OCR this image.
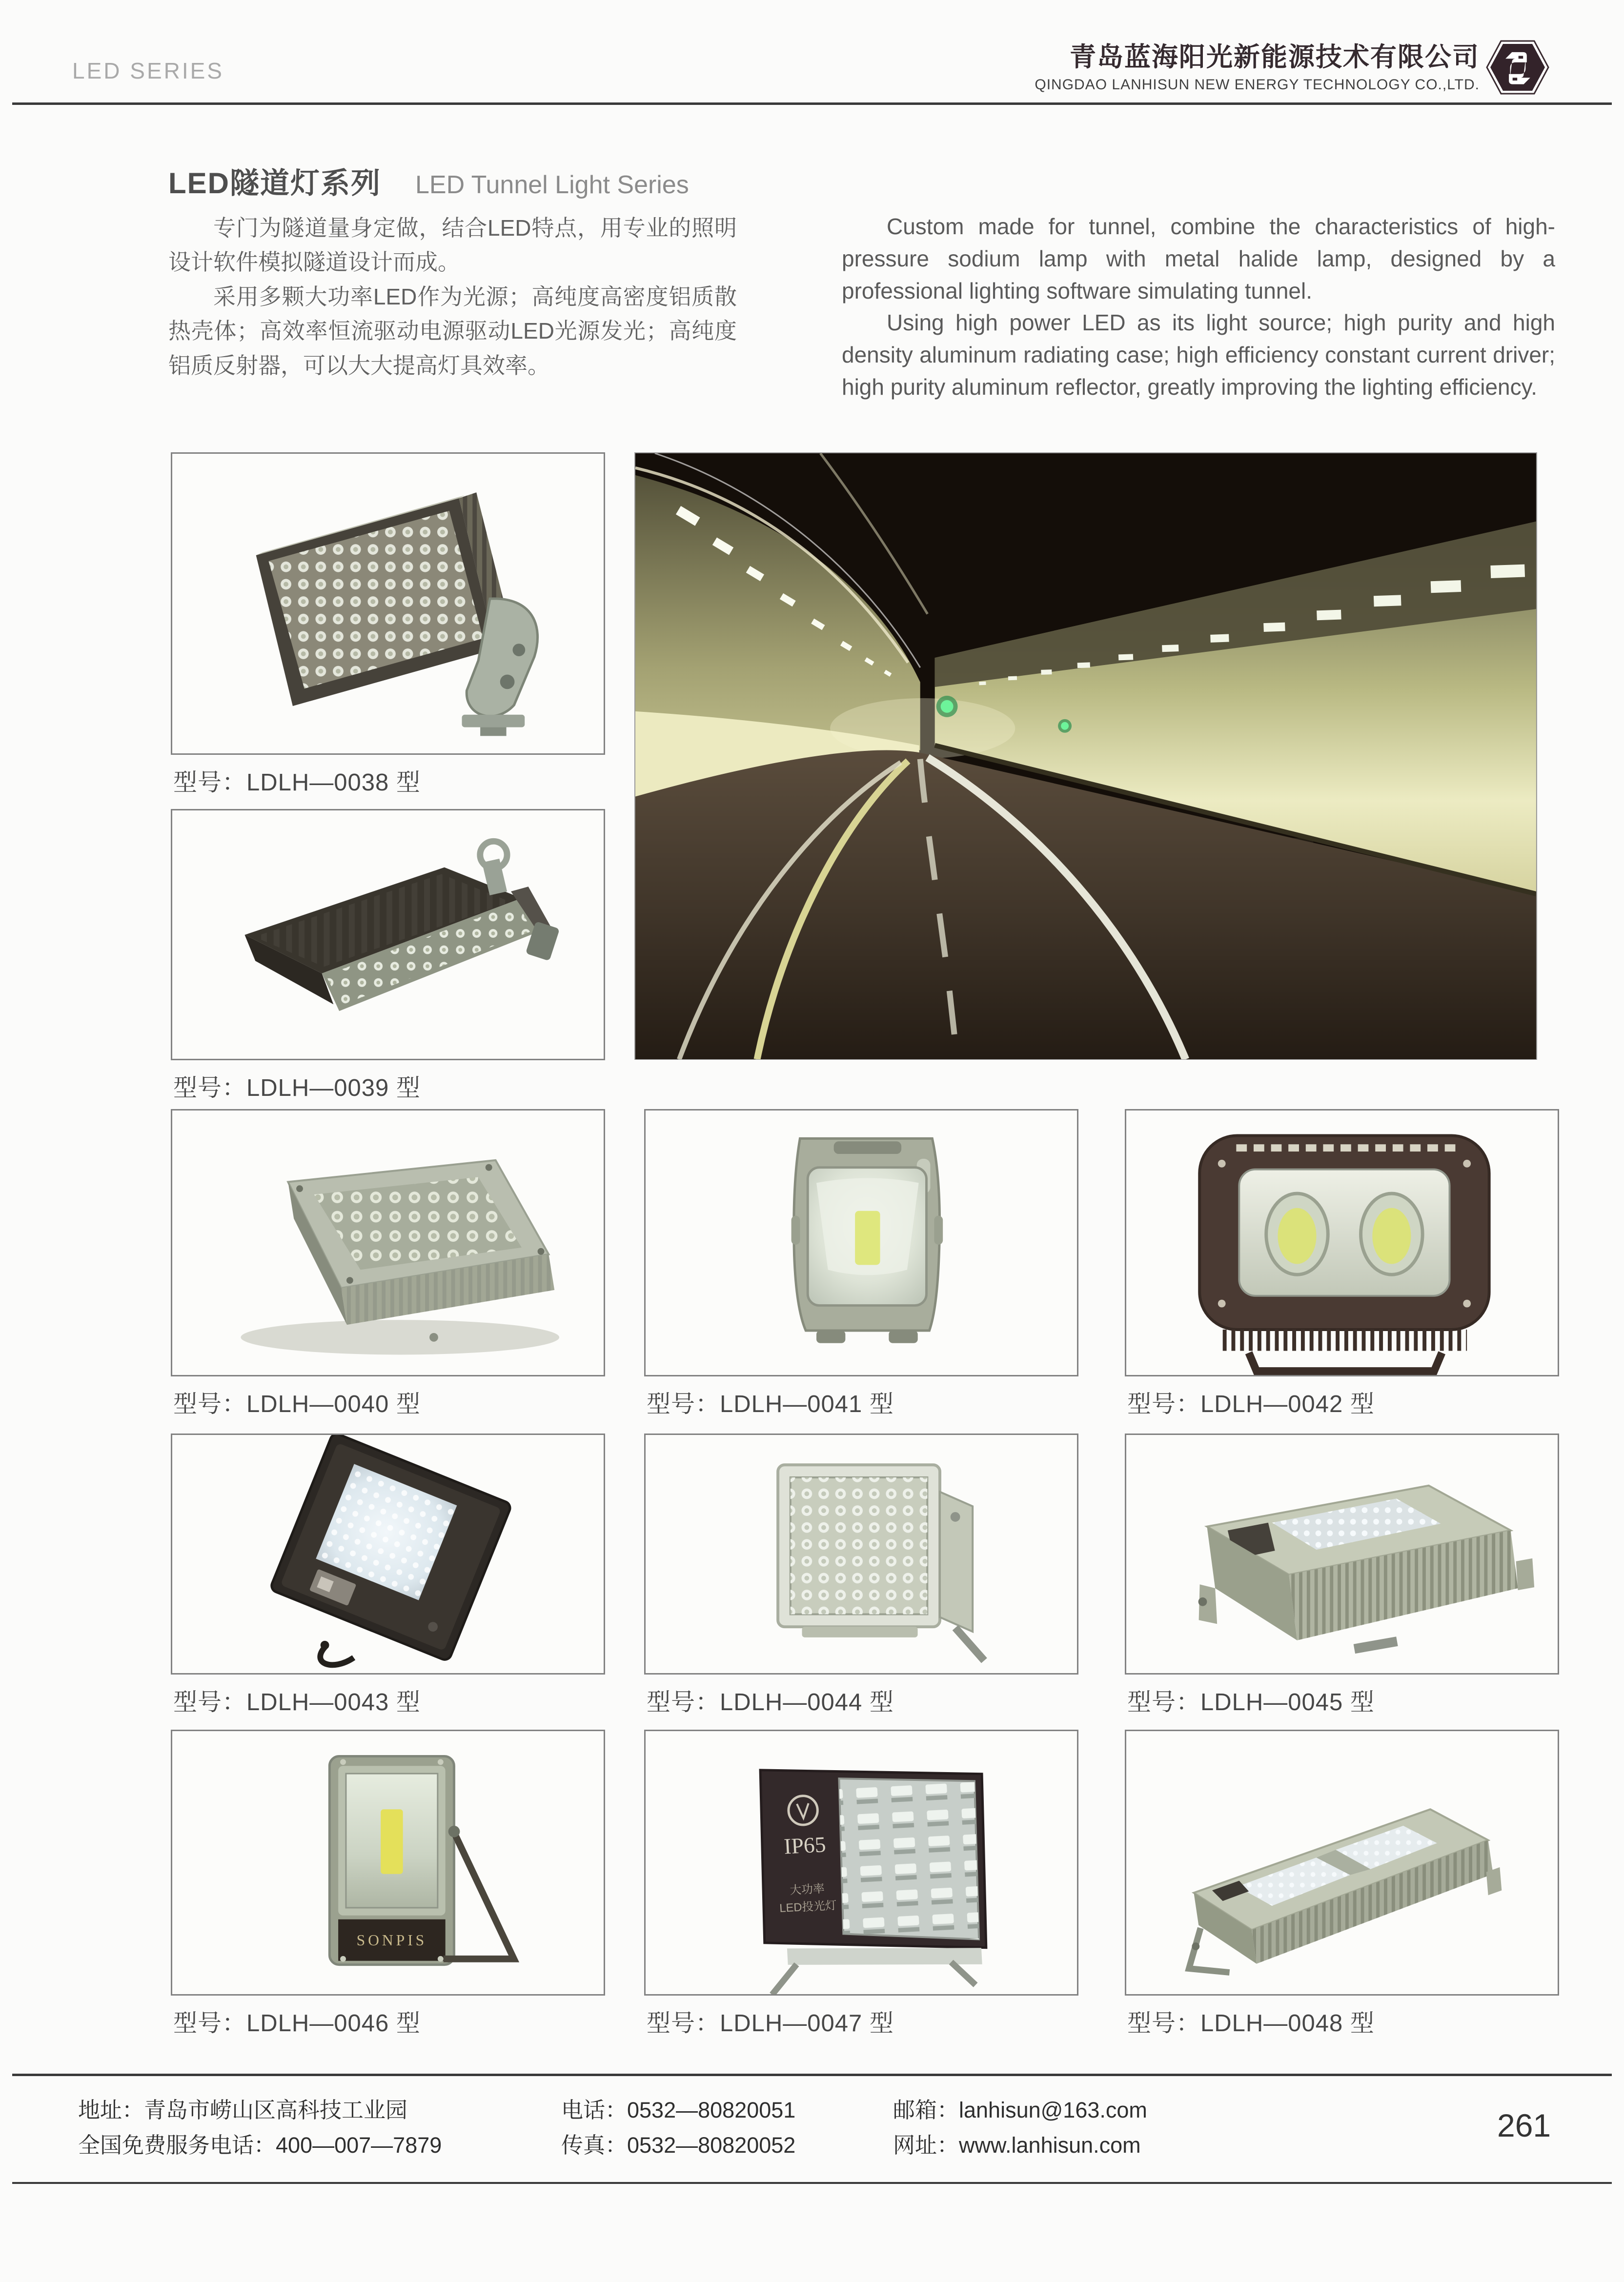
LED SERIES	青岛蓝海阳光新能源技术有限公司
QINGDAO LANHISUN NEW ENERGY TECHNOLOGY CO.,LTD.
LED隧道灯系列 LED Tunnel Light Series

专门为隧道量身定做，结合LED特点，用专业的照明设计软件模拟隧道设计而成。

采用多颗大功率LED作为光源；高纯度高密度铝质散热壳体；高效率恒流驱动电源驱动LED光源发光；高纯度铝质反射器，可以大大提高灯具效率。

Custom made for tunnel, combine the characteristics of high-pressure sodium lamp with metal halide lamp, designed by a professional lighting software simulating tunnel.

Using high power LED as its light source; high purity and high density aluminum radiating case; high efficiency constant current driver; high purity aluminum reflector, greatly improving the lighting efficiency.

型号：LDLH—0038 型
型号：LDLH—0039 型
型号：LDLH—0040 型	型号：LDLH—0041 型	型号：LDLH—0042 型
型号：LDLH—0043 型	型号：LDLH—0044 型	型号：LDLH—0045 型
SONPIS
型号：LDLH—0046 型
IP65
大功率
LED投光灯
型号：LDLH—0047 型	型号：LDLH—0048 型
地址：青岛市崂山区高科技工业园
全国免费服务电话：400—007—7879
电话：0532—80820051
传真：0532—80820052
邮箱：lanhisun@163.com
网址：www.lanhisun.com
261
